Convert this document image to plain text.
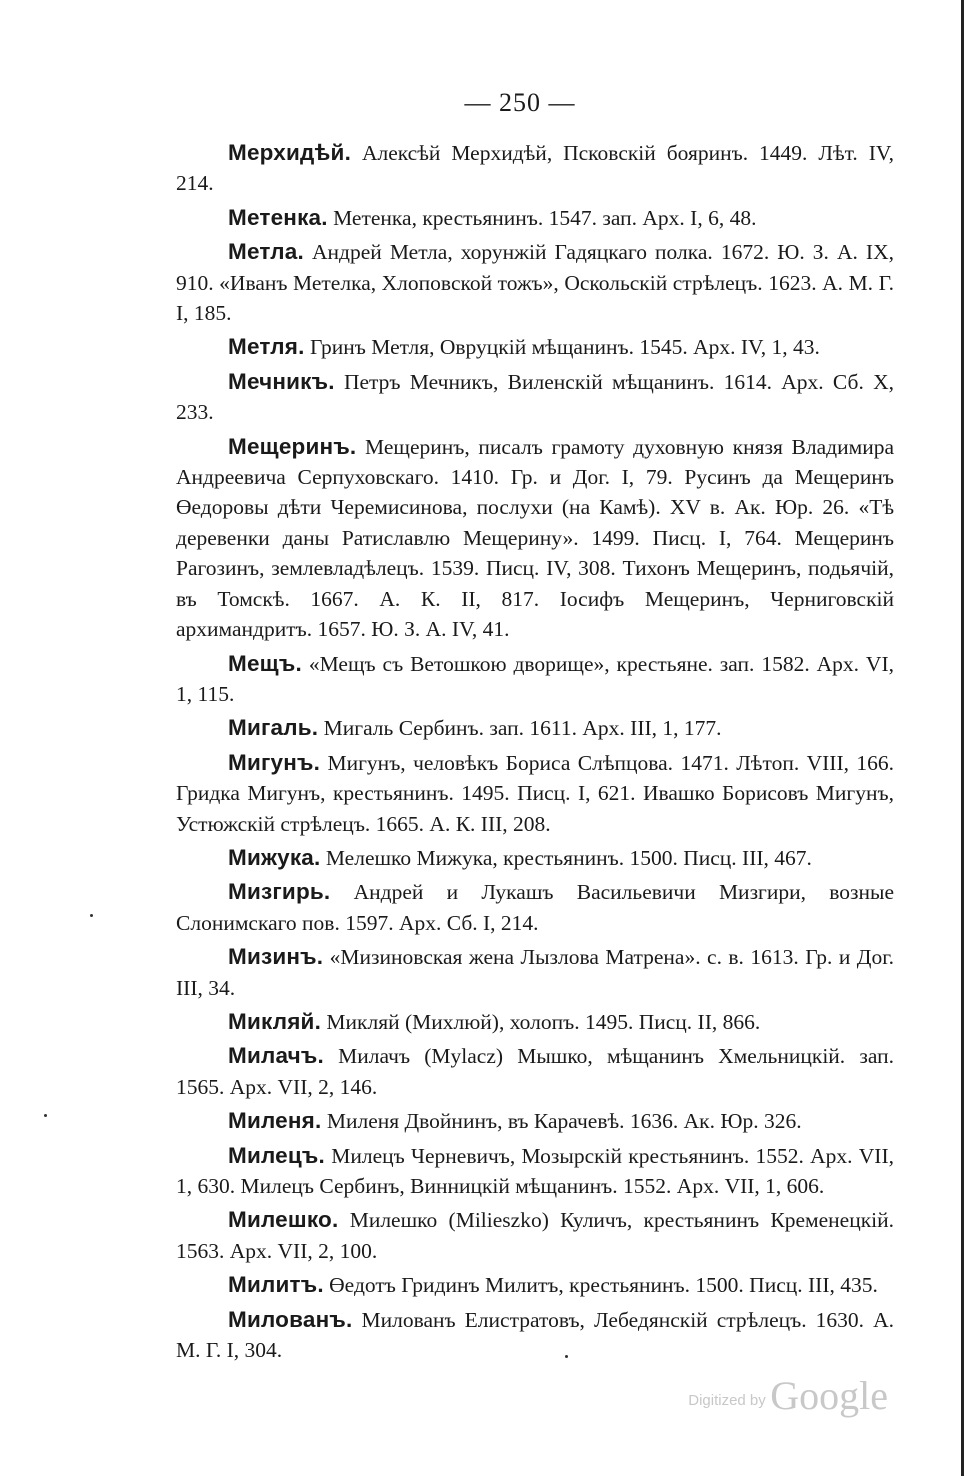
— 250 —

Мерхидѣй. Алексѣй Мерхидѣй, Псковскій бояринъ. 1449. Лѣт. IV, 214.

Метенка. Метенка, крестьянинъ. 1547. зап. Арх. I, 6, 48.

Метла. Андрей Метла, хорунжій Гадяцкаго полка. 1672. Ю. З. А. IX, 910. «Иванъ Метелка, Хлоповской тожъ», Оскольскій стрѣлецъ. 1623. А. М. Г. I, 185.

Метля. Гринъ Метля, Овруцкій мѣщанинъ. 1545. Арх. IV, 1, 43.

Мечникъ. Петръ Мечникъ, Виленскій мѣщанинъ. 1614. Арх. Сб. X, 233.

Мещеринъ. Мещеринъ, писалъ грамоту духовную князя Владимира Андреевича Серпуховскаго. 1410. Гр. и Дог. I, 79. Русинъ да Мещеринъ Өедоровы дѣти Черемисинова, послухи (на Камѣ). XV в. Ак. Юр. 26. «Тѣ деревенки даны Ратиславлю Мещерину». 1499. Писц. I, 764. Мещеринъ Рагозинъ, землевладѣлецъ. 1539. Писц. IV, 308. Тихонъ Мещеринъ, подьячій, въ Томскѣ. 1667. А. К. II, 817. Іосифъ Мещеринъ, Черниговскій архимандритъ. 1657. Ю. З. А. IV, 41.

Мещъ. «Мещъ съ Ветошкою дворище», крестьяне. зап. 1582. Арх. VI, 1, 115.

Мигаль. Мигаль Сербинъ. зап. 1611. Арх. III, 1, 177.

Мигунъ. Мигунъ, человѣкъ Бориса Слѣпцова. 1471. Лѣтоп. VIII, 166. Гридка Мигунъ, крестьянинъ. 1495. Писц. I, 621. Ивашко Борисовъ Мигунъ, Устюжскій стрѣлецъ. 1665. А. К. III, 208.

Мижука. Мелешко Мижука, крестьянинъ. 1500. Писц. III, 467.

Мизгирь. Андрей и Лукашъ Васильевичи Мизгири, возные Слонимскаго пов. 1597. Арх. Сб. I, 214.

Мизинъ. «Мизиновская жена Лызлова Матрена». с. в. 1613. Гр. и Дог. III, 34.

Микляй. Микляй (Михлюй), холопъ. 1495. Писц. II, 866.

Милачъ. Милачъ (Mylacz) Мышко, мѣщанинъ Хмельницкій. зап. 1565. Арх. VII, 2, 146.

Миленя. Миленя Двойнинъ, въ Карачевѣ. 1636. Ак. Юр. 326.

Милецъ. Милецъ Черневичъ, Мозырскій крестьянинъ. 1552. Арх. VII, 1, 630. Милецъ Сербинъ, Винницкій мѣщанинъ. 1552. Арх. VII, 1, 606.

Милешко. Милешко (Milieszko) Куличъ, крестьянинъ Кременецкій. 1563. Арх. VII, 2, 100.

Милитъ. Өедотъ Гридинъ Милитъ, крестьянинъ. 1500. Писц. III, 435.

Милованъ. Милованъ Елистратовъ, Лебедянскій стрѣлецъ. 1630. А. М. Г. I, 304.

Digitized by Google
